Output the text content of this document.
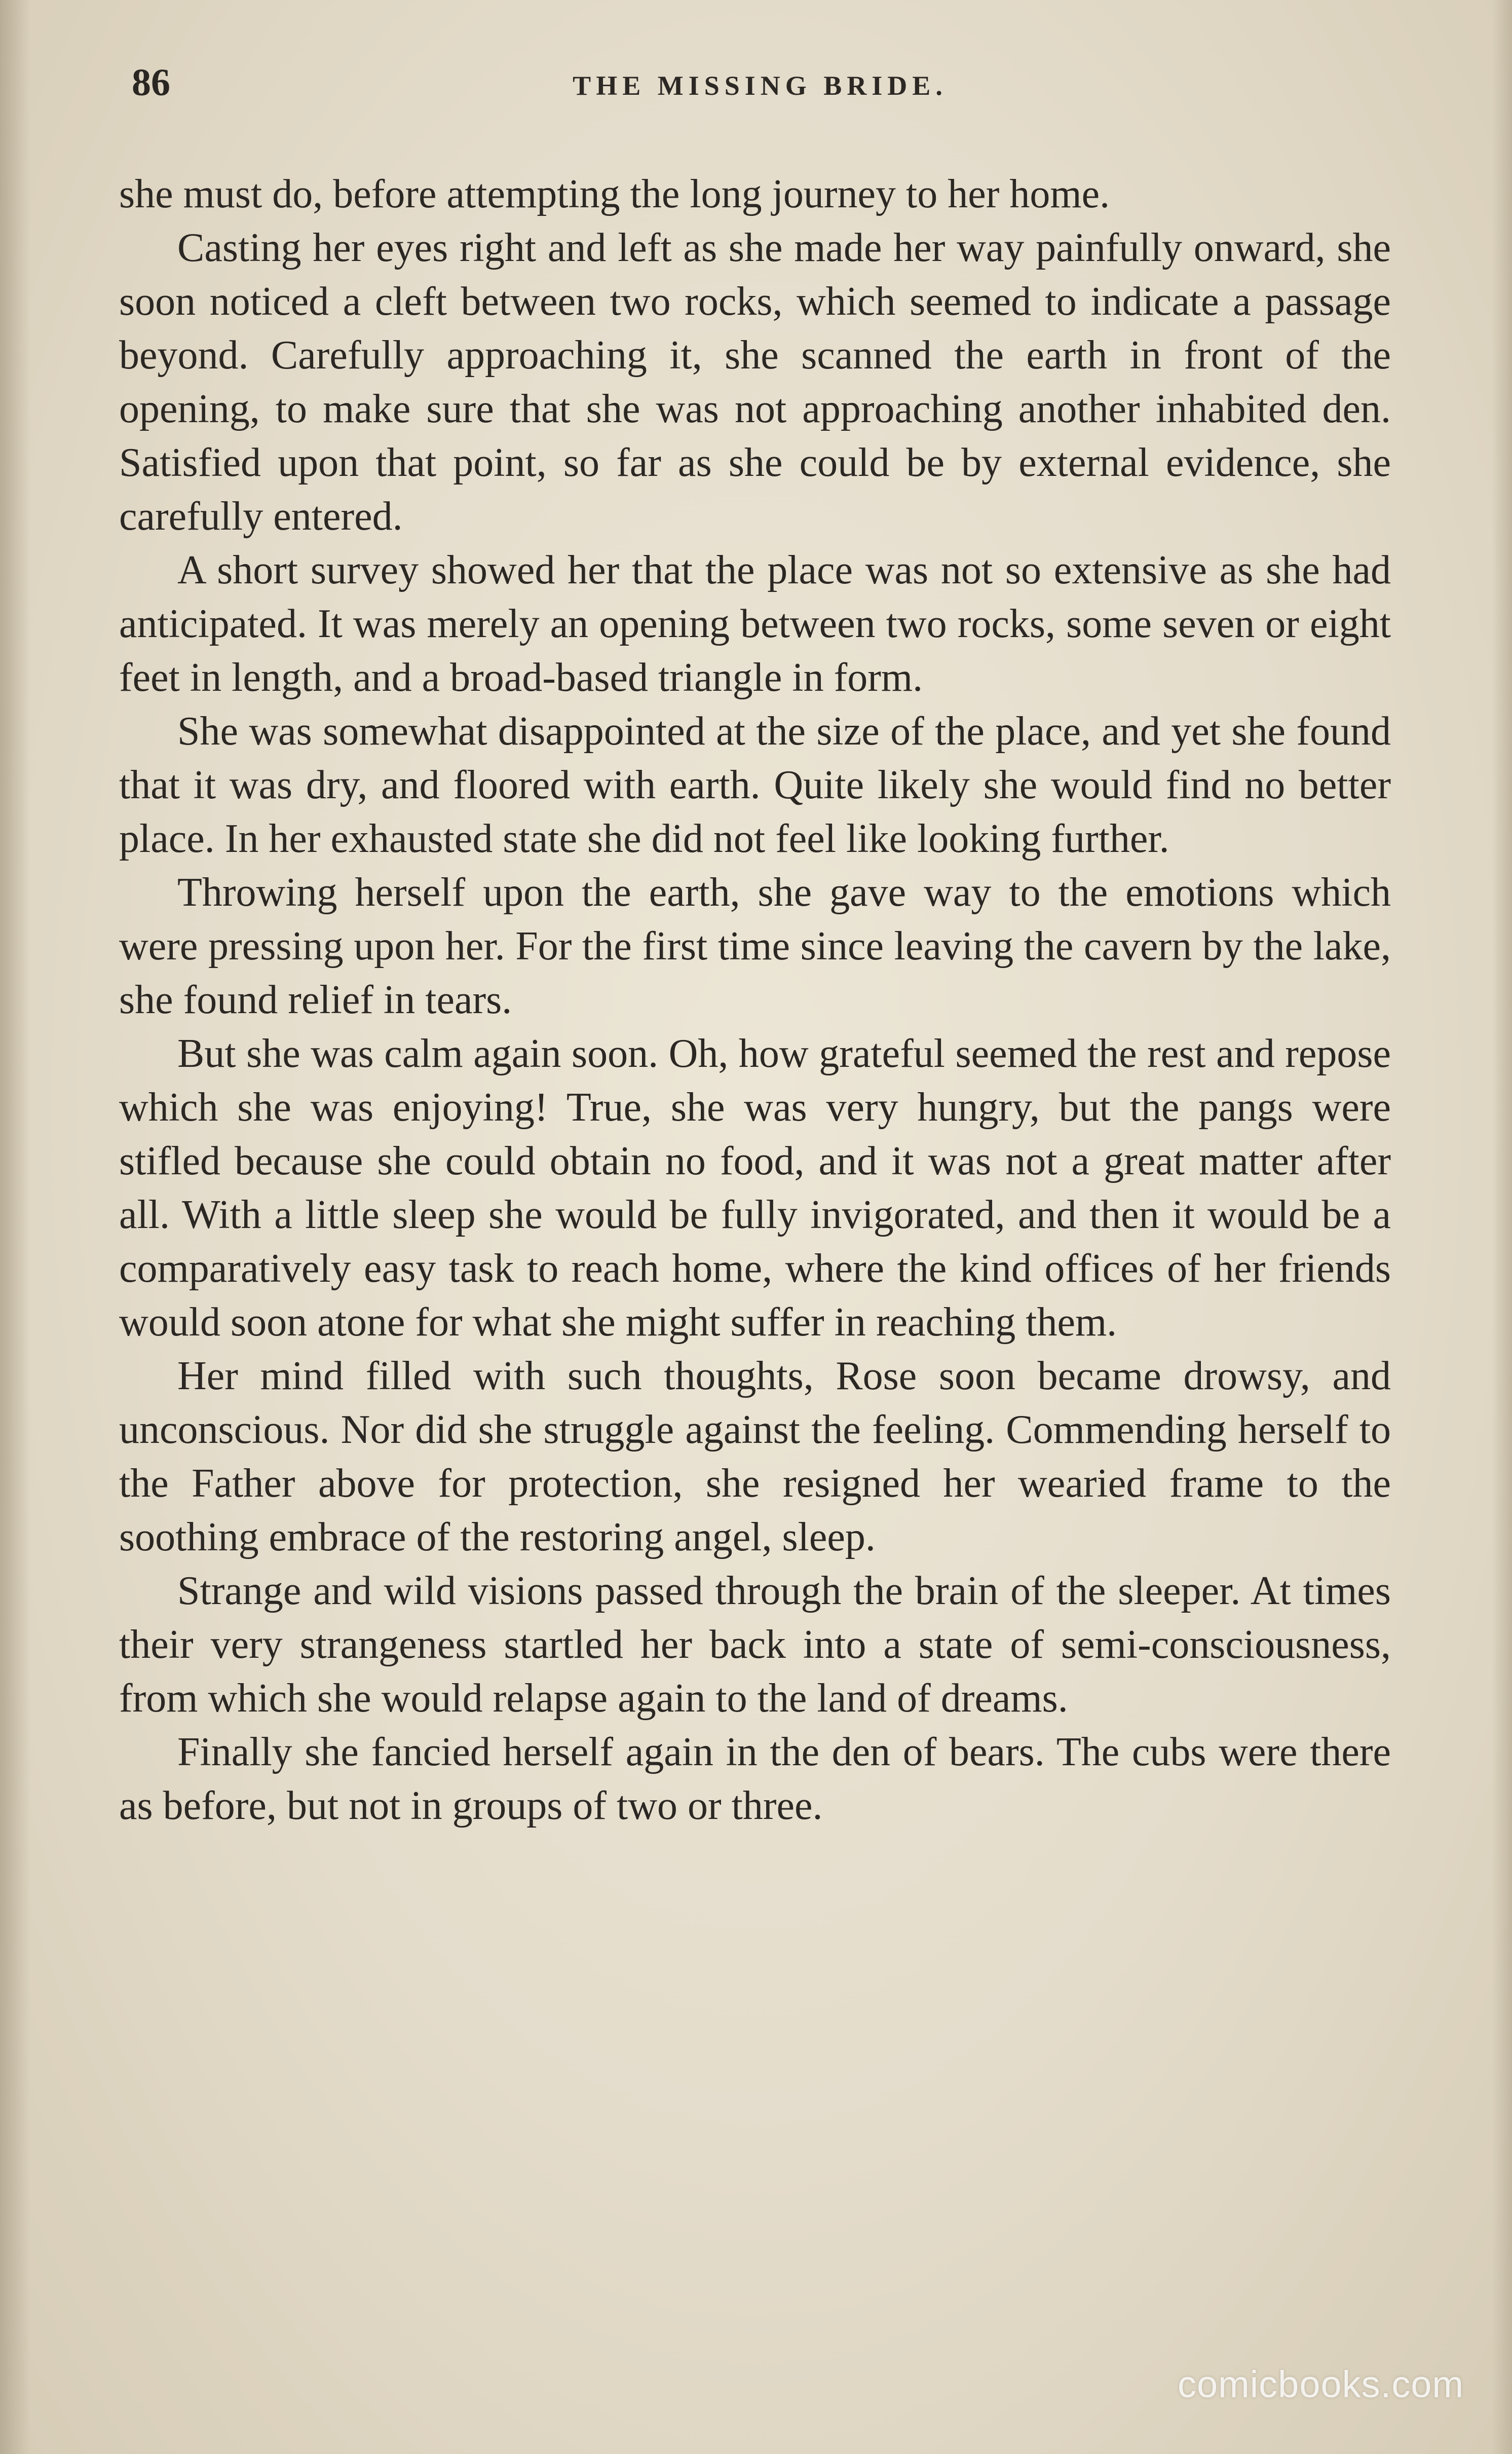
86	THE MISSING BRIDE.

she must do, before attempting the long journey to her home.

Casting her eyes right and left as she made her way painfully onward, she soon noticed a cleft between two rocks, which seemed to indicate a passage beyond. Carefully approaching it, she scanned the earth in front of the opening, to make sure that she was not approaching another inhabited den. Satisfied upon that point, so far as she could be by external evidence, she carefully entered.

A short survey showed her that the place was not so extensive as she had anticipated. It was merely an opening between two rocks, some seven or eight feet in length, and a broad-based triangle in form.

She was somewhat disappointed at the size of the place, and yet she found that it was dry, and floored with earth. Quite likely she would find no better place. In her exhausted state she did not feel like looking further.

Throwing herself upon the earth, she gave way to the emotions which were pressing upon her. For the first time since leaving the cavern by the lake, she found relief in tears.

But she was calm again soon. Oh, how grateful seemed the rest and repose which she was enjoying! True, she was very hungry, but the pangs were stifled because she could obtain no food, and it was not a great matter after all. With a little sleep she would be fully invigorated, and then it would be a comparatively easy task to reach home, where the kind offices of her friends would soon atone for what she might suffer in reaching them.

Her mind filled with such thoughts, Rose soon became drowsy, and unconscious. Nor did she struggle against the feeling. Commending herself to the Father above for protection, she resigned her wearied frame to the soothing embrace of the restoring angel, sleep.

Strange and wild visions passed through the brain of the sleeper. At times their very strangeness startled her back into a state of semi-consciousness, from which she would relapse again to the land of dreams.

Finally she fancied herself again in the den of bears. The cubs were there as before, but not in groups of two or three.

comicbooks.com
